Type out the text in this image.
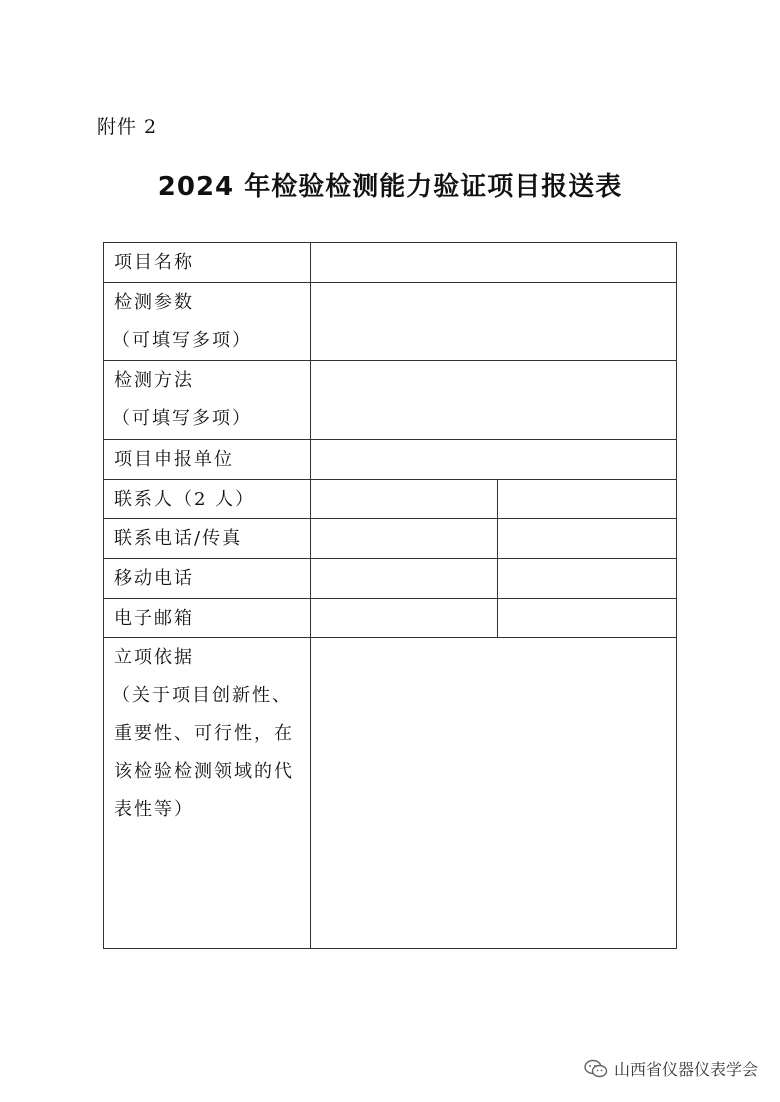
附件 2
2024 年检验检测能力验证项目报送表
项目名称
检测参数
（可填写多项）
检测方法
（可填写多项）
项目申报单位
联系人（2 人）
联系电话/传真
移动电话
电子邮箱
立项依据
（关于项目创新性、
重要性、可行性，在
该检验检测领域的代
表性等）
山西省仪器仪表学会
